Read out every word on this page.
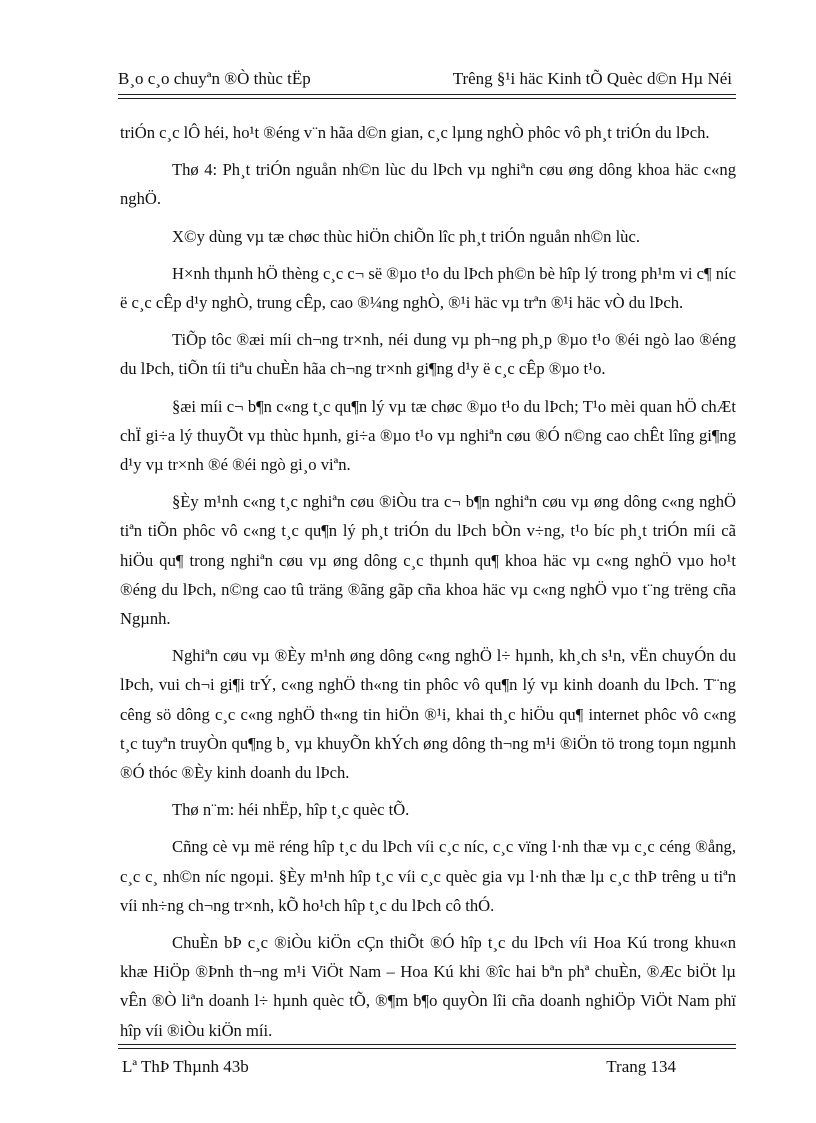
B¸o c¸o chuyªn ®Ò thùc tËp	Trêng §¹i häc Kinh tÕ Quèc d©n Hµ Néi

triÓn c¸c lÔ héi, ho¹t ®éng v¨n hãa d©n gian, c¸c lµng nghÒ phôc vô ph¸t triÓn du lÞch.

Thø 4: Ph¸t triÓn nguån nh©n lùc du lÞch vµ nghiªn cøu øng dông khoa häc c«ng nghÖ.

X©y dùng vµ tæ chøc thùc hiÖn chiÕn lîc ph¸t triÓn nguån nh©n lùc.

H×nh thµnh hÖ thèng c¸c c¬ së ®µo t¹o du lÞch ph©n bè hîp lý trong ph¹m vi c¶ níc ë c¸c cÊp d¹y nghÒ, trung cÊp, cao ®¼ng nghÒ, ®¹i häc vµ trªn ®¹i häc vÒ du lÞch.

TiÕp tôc ®æi míi ch¬ng tr×nh, néi dung vµ ph¬ng ph¸p ®µo t¹o ®éi ngò lao ®éng du lÞch, tiÕn tíi tiªu chuÈn hãa ch¬ng tr×nh gi¶ng d¹y ë c¸c cÊp ®µo t¹o.

§æi míi c¬ b¶n c«ng t¸c qu¶n lý vµ tæ chøc ®µo t¹o du lÞch; T¹o mèi quan hÖ chÆt chÏ gi÷a lý thuyÕt vµ thùc hµnh, gi÷a ®µo t¹o vµ nghiªn cøu ®Ó n©ng cao chÊt lîng gi¶ng d¹y vµ tr×nh ®é ®éi ngò gi¸o viªn.

§Èy m¹nh c«ng t¸c nghiªn cøu ®iÒu tra c¬ b¶n nghiªn cøu vµ øng dông c«ng nghÖ tiªn tiÕn phôc vô c«ng t¸c qu¶n lý ph¸t triÓn du lÞch bÒn v÷ng, t¹o bíc ph¸t triÓn míi cã hiÖu qu¶ trong nghiªn cøu vµ øng dông c¸c thµnh qu¶ khoa häc vµ c«ng nghÖ vµo ho¹t ®éng du lÞch, n©ng cao tû träng ®ãng gãp cña khoa häc vµ c«ng nghÖ vµo t¨ng trëng cña Ngµnh.

Nghiªn cøu vµ ®Èy m¹nh øng dông c«ng nghÖ l÷ hµnh, kh¸ch s¹n, vËn chuyÓn du lÞch, vui ch¬i gi¶i trÝ, c«ng nghÖ th«ng tin phôc vô qu¶n lý vµ kinh doanh du lÞch. T¨ng cêng sö dông c¸c c«ng nghÖ th«ng tin hiÖn ®¹i, khai th¸c hiÖu qu¶ internet phôc vô c«ng t¸c tuyªn truyÒn qu¶ng b¸ vµ khuyÕn khÝch øng dông th¬ng m¹i ®iÖn tö trong toµn ngµnh ®Ó thóc ®Èy kinh doanh du lÞch.

Thø n¨m: héi nhËp, hîp t¸c quèc tÕ.

Cñng cè vµ më réng hîp t¸c du lÞch víi c¸c níc, c¸c vïng l·nh thæ vµ c¸c céng ®ång, c¸c c¸ nh©n níc ngoµi. §Èy m¹nh hîp t¸c víi c¸c quèc gia vµ l·nh thæ lµ c¸c thÞ trêng u tiªn víi nh÷ng ch¬ng tr×nh, kÕ ho¹ch hîp t¸c du lÞch cô thÓ.

ChuÈn bÞ c¸c ®iÒu kiÖn cÇn thiÕt ®Ó hîp t¸c du lÞch víi Hoa Kú trong khu«n khæ HiÖp ®Þnh th¬ng m¹i ViÖt Nam – Hoa Kú khi ®îc hai bªn phª chuÈn, ®Æc biÖt lµ vÊn ®Ò liªn doanh l÷ hµnh quèc tÕ, ®¶m b¶o quyÒn lîi cña doanh nghiÖp ViÖt Nam phï hîp víi ®iÒu kiÖn míi.

Lª ThÞ Thµnh 43b	Trang 134
